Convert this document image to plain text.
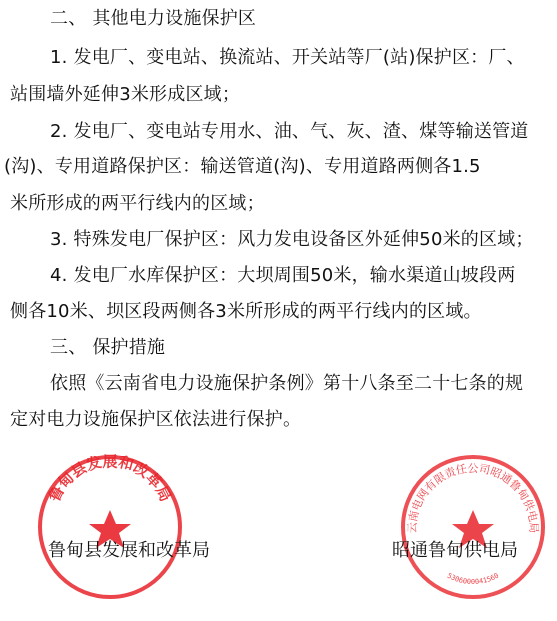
二、 其他电力设施保护区
1. 发电厂、变电站、换流站、开关站等厂(站)保护区：厂、
站围墙外延伸3米形成区域；
2. 发电厂、变电站专用水、油、气、灰、渣、煤等输送管道
(沟)、专用道路保护区：输送管道(沟)、专用道路两侧各1.5
米所形成的两平行线内的区域；
3. 特殊发电厂保护区：风力发电设备区外延伸50米的区域；
4. 发电厂水库保护区：大坝周围50米，输水渠道山坡段两
侧各10米、坝区段两侧各3米所形成的两平行线内的区域。
三、 保护措施
依照《云南省电力设施保护条例》第十八条至二十七条的规
定对电力设施保护区依法进行保护。
鲁甸县发展和改革局
云南电网有限责任公司昭通鲁甸供电局
5306000041560
鲁甸县发展和改革局	昭通鲁甸供电局
